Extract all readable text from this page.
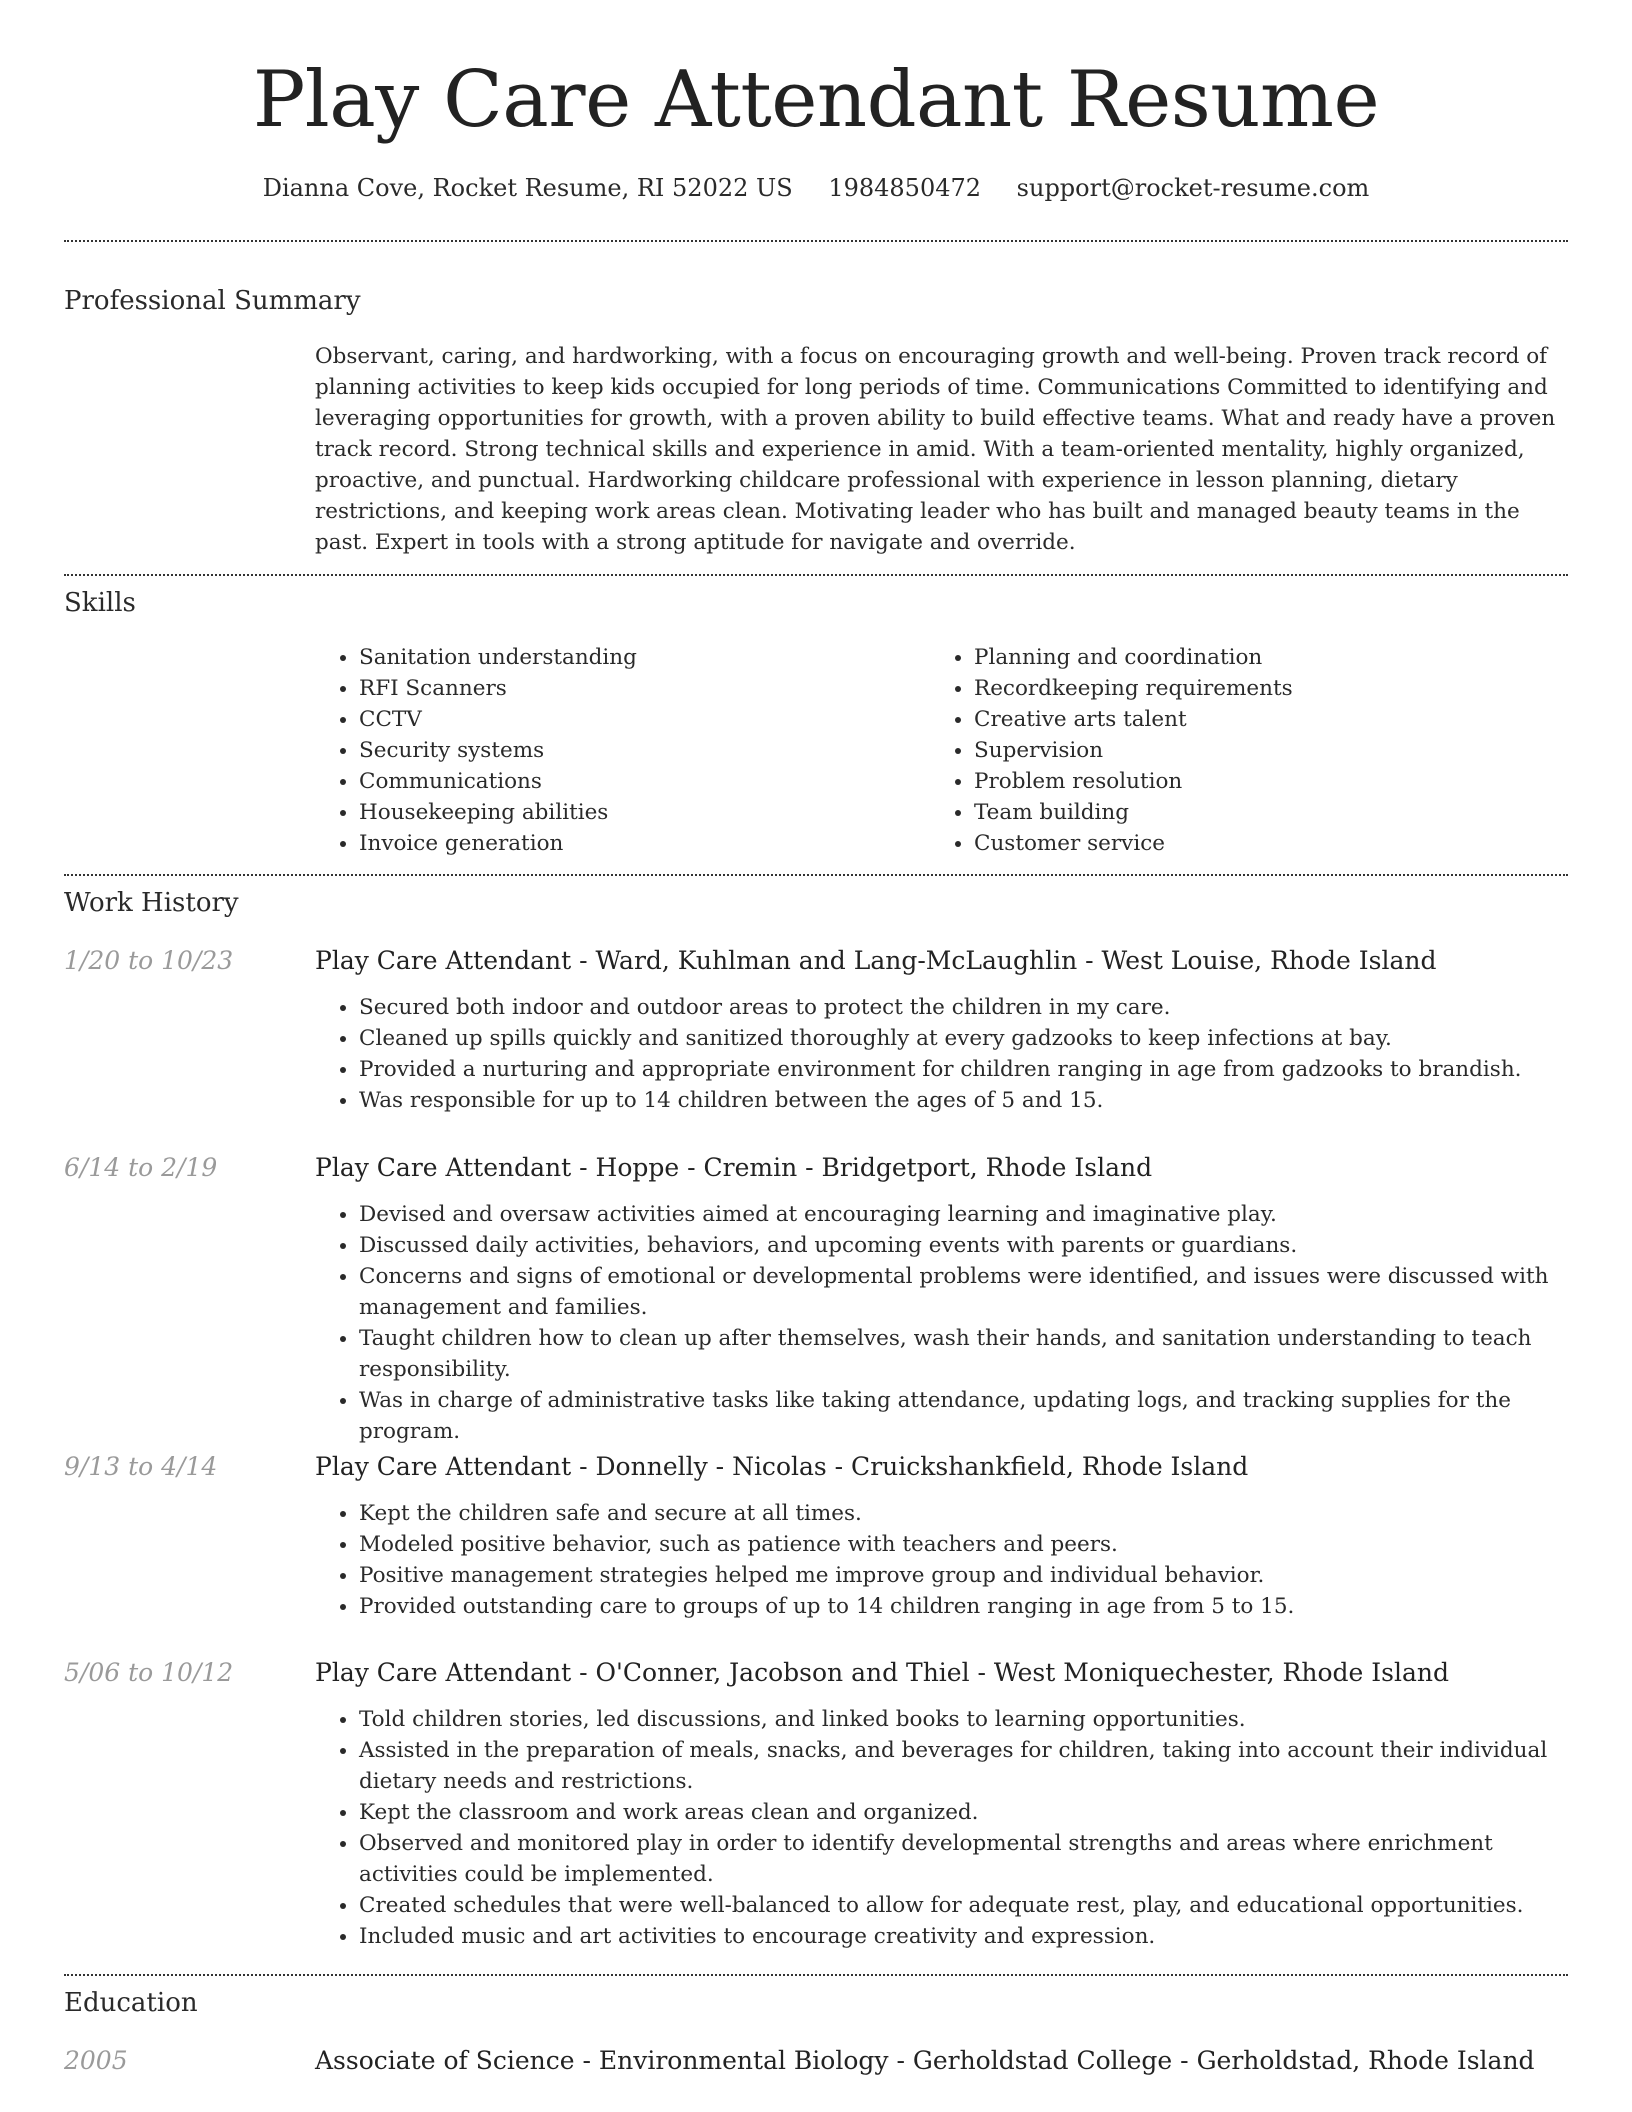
Play Care Attendant Resume
Dianna Cove, Rocket Resume, RI 52022 US 1984850472 support@rocket-resume.com
Professional Summary
Observant, caring, and hardworking, with a focus on encouraging growth and well-being. Proven track record of planning activities to keep kids occupied for long periods of time. Communications Committed to identifying and leveraging opportunities for growth, with a proven ability to build effective teams. What and ready have a proven track record. Strong technical skills and experience in amid. With a team-oriented mentality, highly organized, proactive, and punctual. Hardworking childcare professional with experience in lesson planning, dietary restrictions, and keeping work areas clean. Motivating leader who has built and managed beauty teams in the past. Expert in tools with a strong aptitude for navigate and override.
Skills
• Sanitation understanding
• RFI Scanners
• CCTV
• Security systems
• Communications
• Housekeeping abilities
• Invoice generation
• Planning and coordination
• Recordkeeping requirements
• Creative arts talent
• Supervision
• Problem resolution
• Team building
• Customer service
Work History
1/20 to 10/23	Play Care Attendant - Ward, Kuhlman and Lang-McLaughlin - West Louise, Rhode Island
• Secured both indoor and outdoor areas to protect the children in my care.
• Cleaned up spills quickly and sanitized thoroughly at every gadzooks to keep infections at bay.
• Provided a nurturing and appropriate environment for children ranging in age from gadzooks to brandish.
• Was responsible for up to 14 children between the ages of 5 and 15.
6/14 to 2/19	Play Care Attendant - Hoppe - Cremin - Bridgetport, Rhode Island
• Devised and oversaw activities aimed at encouraging learning and imaginative play.
• Discussed daily activities, behaviors, and upcoming events with parents or guardians.
• Concerns and signs of emotional or developmental problems were identified, and issues were discussed with management and families.
• Taught children how to clean up after themselves, wash their hands, and sanitation understanding to teach responsibility.
• Was in charge of administrative tasks like taking attendance, updating logs, and tracking supplies for the program.
9/13 to 4/14	Play Care Attendant - Donnelly - Nicolas - Cruickshankfield, Rhode Island
• Kept the children safe and secure at all times.
• Modeled positive behavior, such as patience with teachers and peers.
• Positive management strategies helped me improve group and individual behavior.
• Provided outstanding care to groups of up to 14 children ranging in age from 5 to 15.
5/06 to 10/12	Play Care Attendant - O'Conner, Jacobson and Thiel - West Moniquechester, Rhode Island
• Told children stories, led discussions, and linked books to learning opportunities.
• Assisted in the preparation of meals, snacks, and beverages for children, taking into account their individual dietary needs and restrictions.
• Kept the classroom and work areas clean and organized.
• Observed and monitored play in order to identify developmental strengths and areas where enrichment activities could be implemented.
• Created schedules that were well-balanced to allow for adequate rest, play, and educational opportunities.
• Included music and art activities to encourage creativity and expression.
Education
2005	Associate of Science - Environmental Biology - Gerholdstad College - Gerholdstad, Rhode Island
